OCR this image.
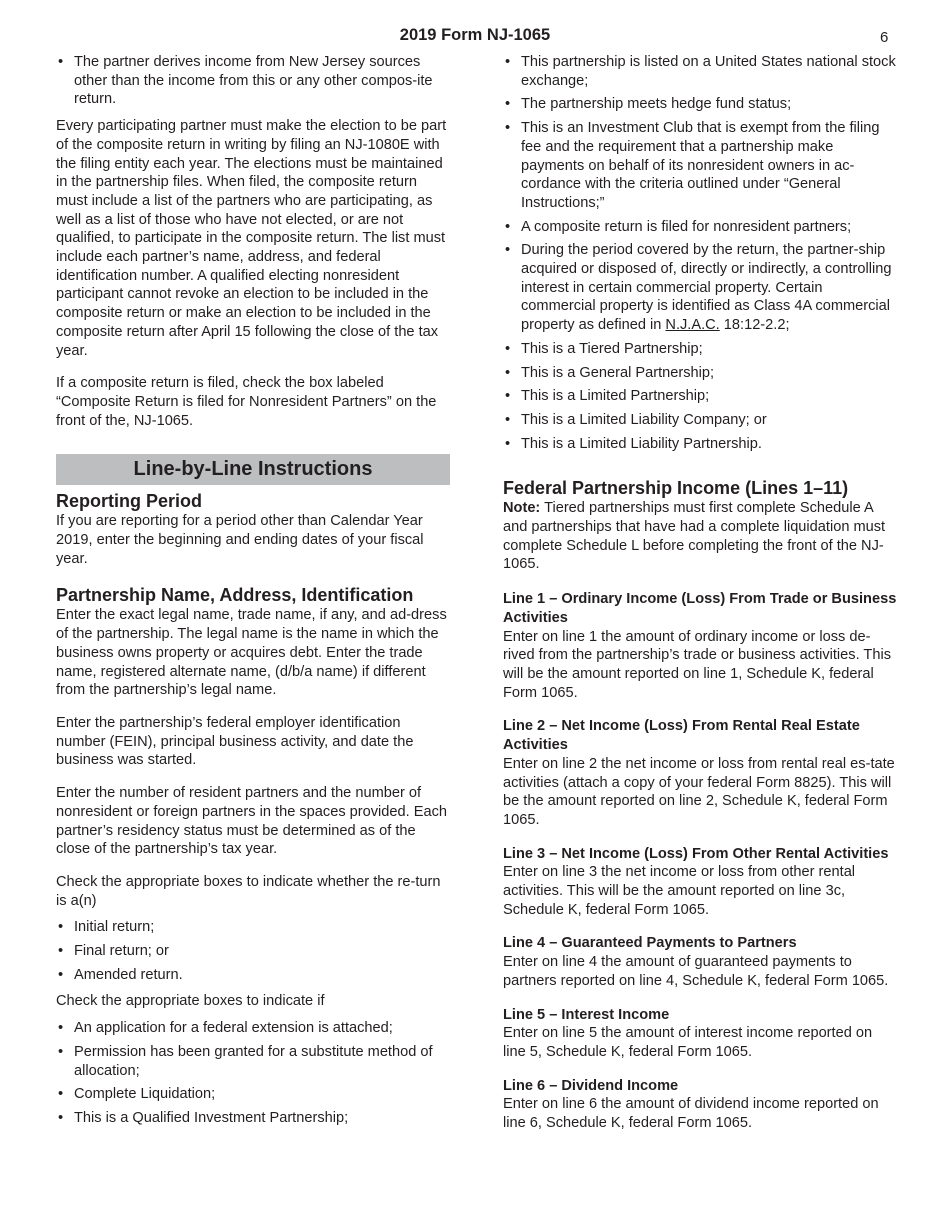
2019 Form NJ-1065	6
• The partner derives income from New Jersey sources other than the income from this or any other compos-ite return.

Every participating partner must make the election to be part of the composite return in writing by filing an NJ-1080E with the filing entity each year. The elections must be maintained in the partnership files. When filed, the composite return must include a list of the partners who are participating, as well as a list of those who have not elected, or are not qualified, to participate in the composite return. The list must include each partner’s name, address, and federal identification number. A qualified electing nonresident participant cannot revoke an election to be included in the composite return or make an election to be included in the composite return after April 15 following the close of the tax year.

If a composite return is filed, check the box labeled “Composite Return is filed for Nonresident Partners” on the front of the, NJ-1065.

Line-by-Line Instructions
Reporting Period

If you are reporting for a period other than Calendar Year 2019, enter the beginning and ending dates of your fiscal year.

Partnership Name, Address, Identification

Enter the exact legal name, trade name, if any, and ad-dress of the partnership. The legal name is the name in which the business owns property or acquires debt. Enter the trade name, registered alternate name, (d/b/a name) if different from the partnership’s legal name.

Enter the partnership’s federal employer identification number (FEIN), principal business activity, and date the business was started.

Enter the number of resident partners and the number of nonresident or foreign partners in the spaces provided. Each partner’s residency status must be determined as of the close of the partnership’s tax year.

Check the appropriate boxes to indicate whether the re-turn is a(n)

• Initial return;
• Final return; or
• Amended return.

Check the appropriate boxes to indicate if

• An application for a federal extension is attached;
• Permission has been granted for a substitute method of allocation;
• Complete Liquidation;
• This is a Qualified Investment Partnership;
• This partnership is listed on a United States national stock exchange;
• The partnership meets hedge fund status;
• This is an Investment Club that is exempt from the filing fee and the requirement that a partnership make payments on behalf of its nonresident owners in ac-cordance with the criteria outlined under “General Instructions;”
• A composite return is filed for nonresident partners;
• During the period covered by the return, the partner-ship acquired or disposed of, directly or indirectly, a controlling interest in certain commercial property. Certain commercial property is identified as Class 4A commercial property as defined in N.J.A.C. 18:12-2.2;
• This is a Tiered Partnership;
• This is a General Partnership;
• This is a Limited Partnership;
• This is a Limited Liability Company; or
• This is a Limited Liability Partnership.
Federal Partnership Income (Lines 1–11)

Note: Tiered partnerships must first complete Schedule A and partnerships that have had a complete liquidation must complete Schedule L before completing the front of the NJ-1065.

Line 1 – Ordinary Income (Loss) From Trade or Business Activities

Enter on line 1 the amount of ordinary income or loss de-rived from the partnership’s trade or business activities. This will be the amount reported on line 1, Schedule K, federal Form 1065.

Line 2 – Net Income (Loss) From Rental Real Estate Activities

Enter on line 2 the net income or loss from rental real es-tate activities (attach a copy of your federal Form 8825). This will be the amount reported on line 2, Schedule K, federal Form 1065.

Line 3 – Net Income (Loss) From Other Rental Activities

Enter on line 3 the net income or loss from other rental activities. This will be the amount reported on line 3c, Schedule K, federal Form 1065.

Line 4 – Guaranteed Payments to Partners

Enter on line 4 the amount of guaranteed payments to partners reported on line 4, Schedule K, federal Form 1065.

Line 5 – Interest Income

Enter on line 5 the amount of interest income reported on line 5, Schedule K, federal Form 1065.

Line 6 – Dividend Income

Enter on line 6 the amount of dividend income reported on line 6, Schedule K, federal Form 1065.
